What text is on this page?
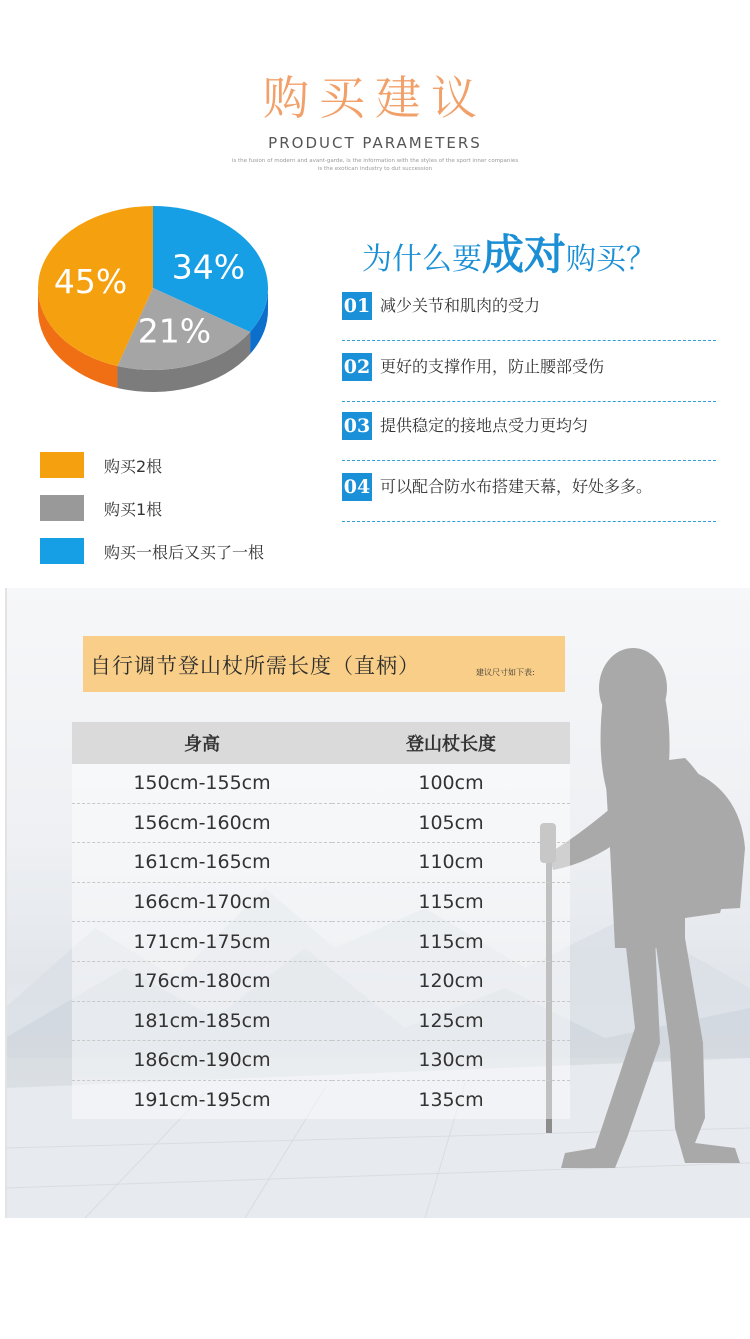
购买建议
PRODUCT PARAMETERS
is the fusion of modern and avant-garde, is the information with the styles of the sport inner companies
is the exotican industry to dut succession
45% 34%
21%
购买2根
购买1根
购买一根后又买了一根
为什么要成对购买？
01 减少关节和肌肉的受力
02 更好的支撑作用，防止腰部受伤
03 提供稳定的接地点受力更均匀
04 可以配合防水布搭建天幕，好处多多。
自行调节登山杖所需长度（直柄）	建议尺寸如下表:
身高	登山杖长度
150cm-155cm	100cm
156cm-160cm	105cm
161cm-165cm	110cm
166cm-170cm	115cm
171cm-175cm	115cm
176cm-180cm	120cm
181cm-185cm	125cm
186cm-190cm	130cm
191cm-195cm	135cm
